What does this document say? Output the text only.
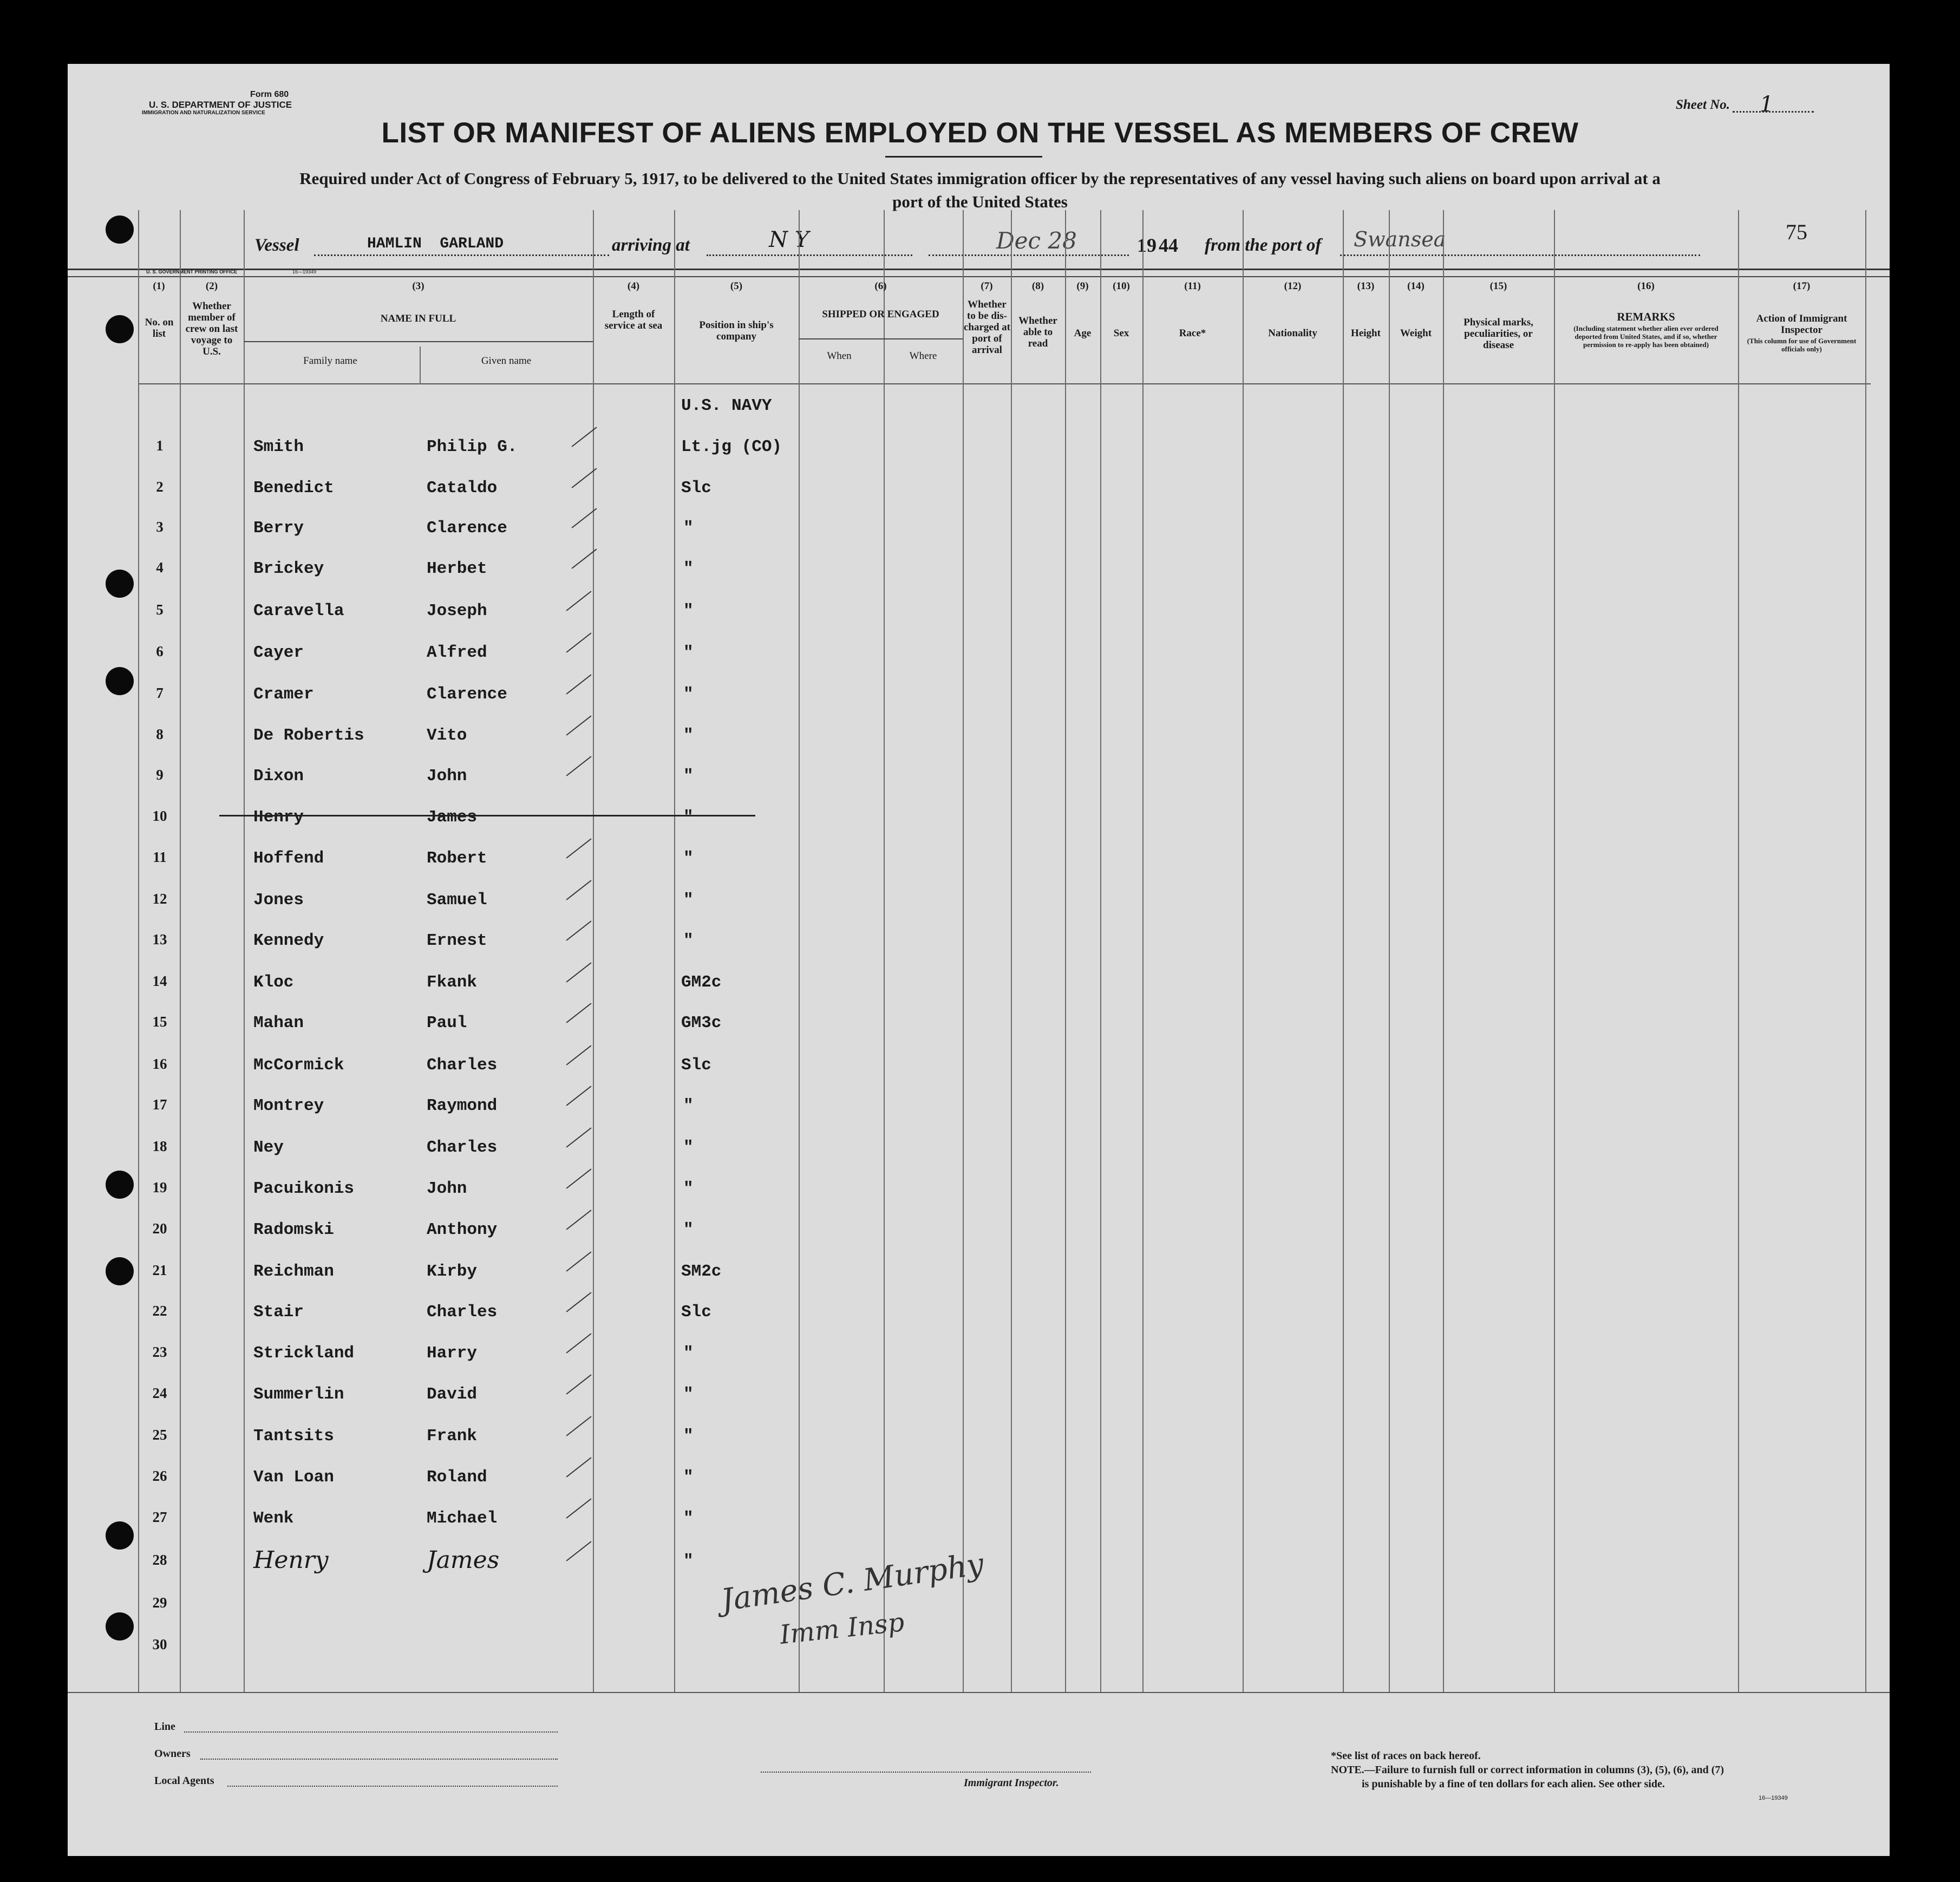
Form 680
U. S. DEPARTMENT OF JUSTICE
IMMIGRATION AND NATURALIZATION SERVICE
Sheet No. 1
LIST OR MANIFEST OF ALIENS EMPLOYED ON THE VESSEL AS MEMBERS OF CREW
Required under Act of Congress of February 5, 1917, to be delivered to the United States immigration officer by the representatives of any vessel having such aliens on board upon arrival at a
port of the United States
75
Vessel	HAMLIN  GARLAND	arriving at	N Y	Dec 28	19 44 from the port of Swansea
U. S. GOVERNMENT PRINTING OFFICE	16—19349
(1)	(2)	(3)	(4)	(5)	(6)	(7)	(8)	(9)	(10)	(11)	(12)	(13)	(14)	(15)	(16)	(17)
No. on list
Whether member of crew on last voyage to U.S.
NAME IN FULL
Family name	Given name
Length of service at sea	Position in ship's company
SHIPPED OR ENGAGED
When	Where
Whether to be dis-charged at port of arrival
Whether able to read
Age	Sex	Race*	Nationality	Height	Weight
Physical marks, peculiarities, or disease
REMARKS
(Including statement whether alien ever ordered deported from United States, and if so, whether permission to re-apply has been obtained)
Action of Immigrant Inspector
(This column for use of Government officials only)
U.S. NAVY
1	Smith	Philip G.	Lt.jg (CO)
2	Benedict	Cataldo	Slc
3	Berry	Clarence	"
4	Brickey	Herbet	"
5	Caravella	Joseph	"
6	Cayer	Alfred	"
7	Cramer	Clarence	"
8	De Robertis	Vito	"
9	Dixon	John	"
10	Henry	James	"
11	Hoffend	Robert	"
12	Jones	Samuel	"
13	Kennedy	Ernest	"
14	Kloc	Fkank	GM2c
15	Mahan	Paul	GM3c
16	McCormick	Charles	Slc
17	Montrey	Raymond	"
18	Ney	Charles	"
19	Pacuikonis	John	"
20	Radomski	Anthony	"
21	Reichman	Kirby	SM2c
22	Stair	Charles	Slc
23	Strickland	Harry	"
24	Summerlin	David	"
25	Tantsits	Frank	"
26	Van Loan	Roland	"
27	Wenk	Michael	"
28	Henry	James	"
29
30
James C. Murphy
Imm Insp
Line
Owners
Local Agents	Immigrant Inspector.
*See list of races on back hereof.
NOTE.—Failure to furnish full or correct information in columns (3), (5), (6), and (7)
is punishable by a fine of ten dollars for each alien. See other side.
16—19349
